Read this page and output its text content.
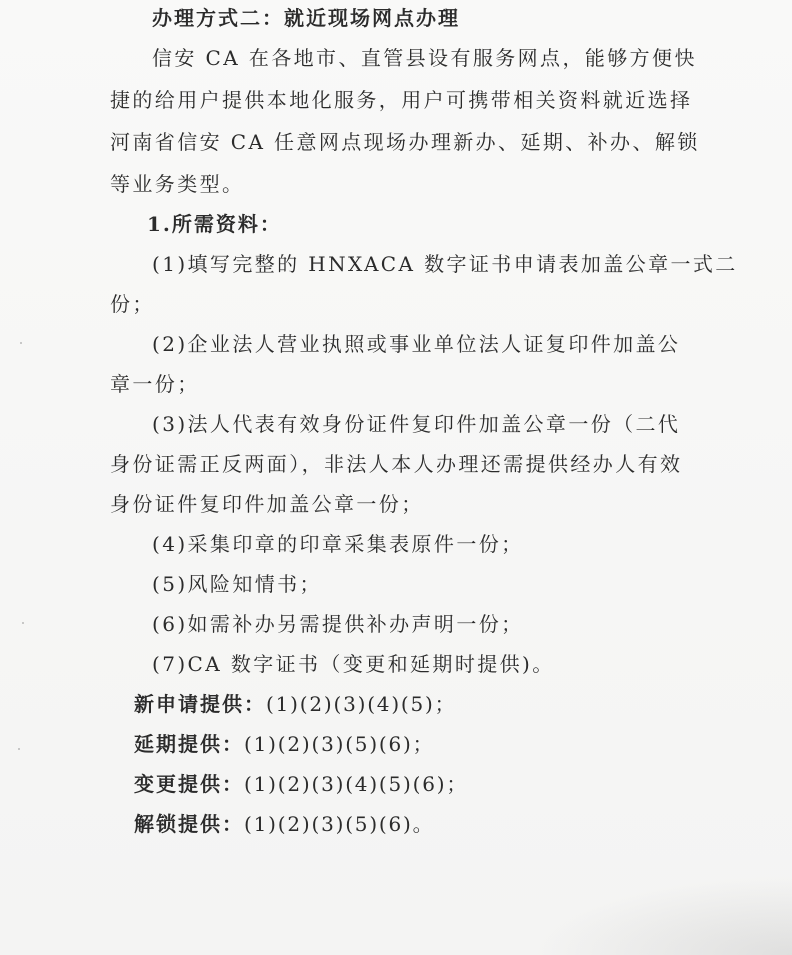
办理方式二：就近现场网点办理
信安 CA 在各地市、直管县设有服务网点，能够方便快
捷的给用户提供本地化服务，用户可携带相关资料就近选择
河南省信安 CA 任意网点现场办理新办、延期、补办、解锁
等业务类型。
1.所需资料：
(1)填写完整的 HNXACA 数字证书申请表加盖公章一式二
份；
(2)企业法人营业执照或事业单位法人证复印件加盖公
章一份；
(3)法人代表有效身份证件复印件加盖公章一份（二代
身份证需正反两面），非法人本人办理还需提供经办人有效
身份证件复印件加盖公章一份；
(4)采集印章的印章采集表原件一份；
(5)风险知情书；
(6)如需补办另需提供补办声明一份；
(7)CA 数字证书（变更和延期时提供)。
新申请提供：(1)(2)(3)(4)(5)；
延期提供：(1)(2)(3)(5)(6)；
变更提供：(1)(2)(3)(4)(5)(6)；
解锁提供：(1)(2)(3)(5)(6)。
